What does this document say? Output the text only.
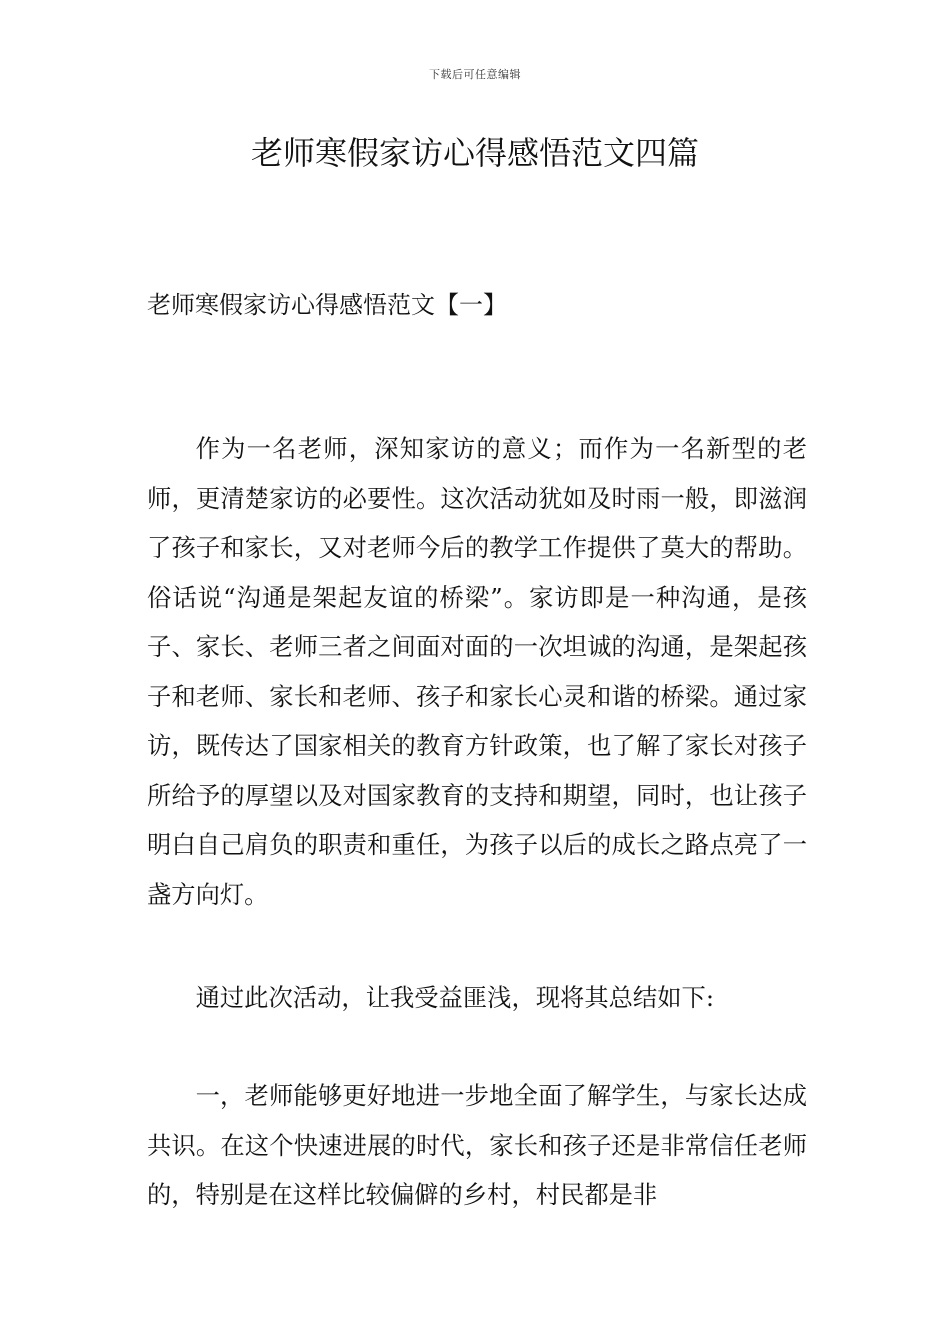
下载后可任意编辑
老师寒假家访心得感悟范文四篇
老师寒假家访心得感悟范文【一】

作为一名老师，深知家访的意义；而作为一名新型的老师，更清楚家访的必要性。这次活动犹如及时雨一般，即滋润了孩子和家长，又对老师今后的教学工作提供了莫大的帮助。俗话说“沟通是架起友谊的桥梁”。家访即是一种沟通，是孩子、家长、老师三者之间面对面的一次坦诚的沟通，是架起孩子和老师、家长和老师、孩子和家长心灵和谐的桥梁。通过家访，既传达了国家相关的教育方针政策，也了解了家长对孩子所给予的厚望以及对国家教育的支持和期望，同时，也让孩子明白自己肩负的职责和重任，为孩子以后的成长之路点亮了一盏方向灯。

通过此次活动，让我受益匪浅，现将其总结如下:

一，老师能够更好地进一步地全面了解学生，与家长达成共识。在这个快速进展的时代，家长和孩子还是非常信任老师的，特别是在这样比较偏僻的乡村，村民都是非
